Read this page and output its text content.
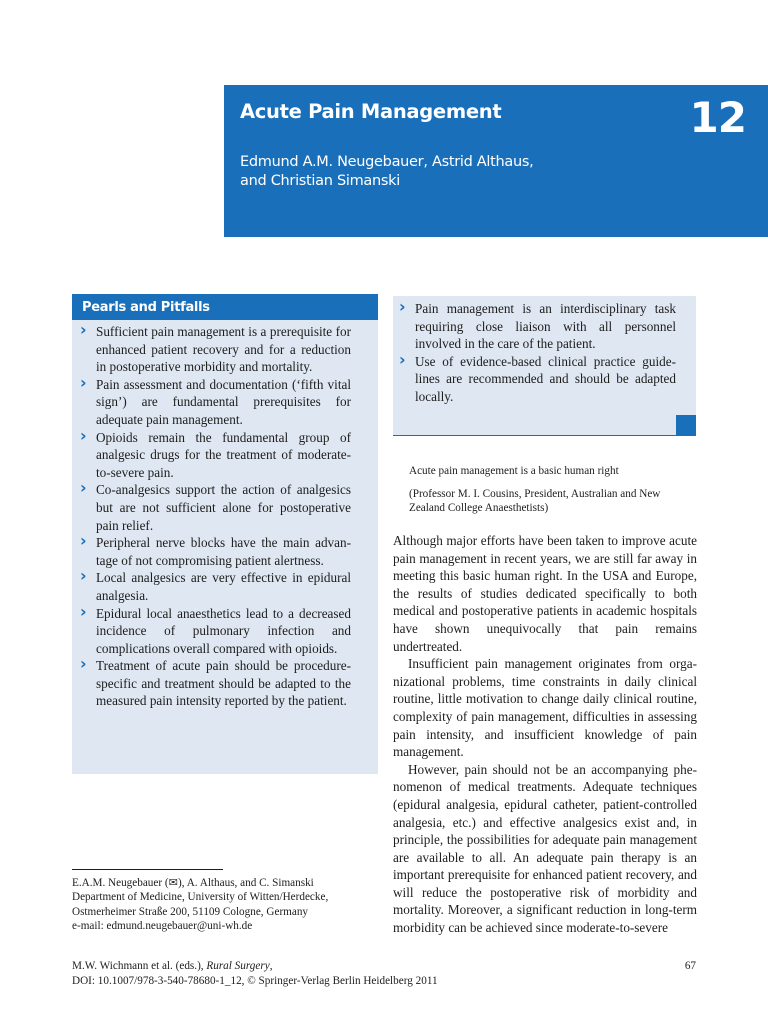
Acute Pain Management	12
Edmund A.M. Neugebauer, Astrid Althaus,
and Christian Simanski
Pearls and Pitfalls
› Sufficient pain management is a prerequisite for enhanced patient recovery and for a reduction in postoperative morbidity and mortality.
› Pain assessment and documentation (‘fifth vital sign’) are fundamental prerequisites for adequate pain management.
› Opioids remain the fundamental group of analgesic drugs for the treatment of moderate-to-severe pain.
› Co-analgesics support the action of analgesics but are not sufficient alone for postoperative pain relief.
› Peripheral nerve blocks have the main advantage of not compromising patient alertness.
› Local analgesics are very effective in epidural analgesia.
› Epidural local anaesthetics lead to a decreased incidence of pulmonary infection and complications overall compared with opioids.
› Treatment of acute pain should be procedure-specific and treatment should be adapted to the measured pain intensity reported by the patient.
› Pain management is an interdisciplinary task requiring close liaison with all personnel involved in the care of the patient.
› Use of evidence-based clinical practice guidelines are recommended and should be adapted locally.

Acute pain management is a basic human right

(Professor M. I. Cousins, President, Australian and New Zealand College Anaesthetists)

Although major efforts have been taken to improve acute pain management in recent years, we are still far away in meeting this basic human right. In the USA and Europe, the results of studies dedicated specifically to both medical and postoperative patients in academic hospitals have shown unequivocally that pain remains undertreated.

Insufficient pain management originates from organizational problems, time constraints in daily clinical routine, little motivation to change daily clinical routine, complexity of pain management, difficulties in assessing pain intensity, and insufficient knowledge of pain management.

However, pain should not be an accompanying phenomenon of medical treatments. Adequate techniques (epidural analgesia, epidural catheter, patient-controlled analgesia, etc.) and effective analgesics exist and, in principle, the possibilities for adequate pain management are available to all. An adequate pain therapy is an important prerequisite for enhanced patient recovery, and will reduce the postoperative risk of morbidity and mortality. Moreover, a significant reduction in long-term morbidity can be achieved since moderate-to-severe

E.A.M. Neugebauer (✉), A. Althaus, and C. Simanski
Department of Medicine, University of Witten/Herdecke,
Ostmerheimer Straße 200, 51109 Cologne, Germany
e-mail: edmund.neugebauer@uni-wh.de
M.W. Wichmann et al. (eds.), Rural Surgery,
DOI: 10.1007/978-3-540-78680-1_12, © Springer-Verlag Berlin Heidelberg 2011
67
